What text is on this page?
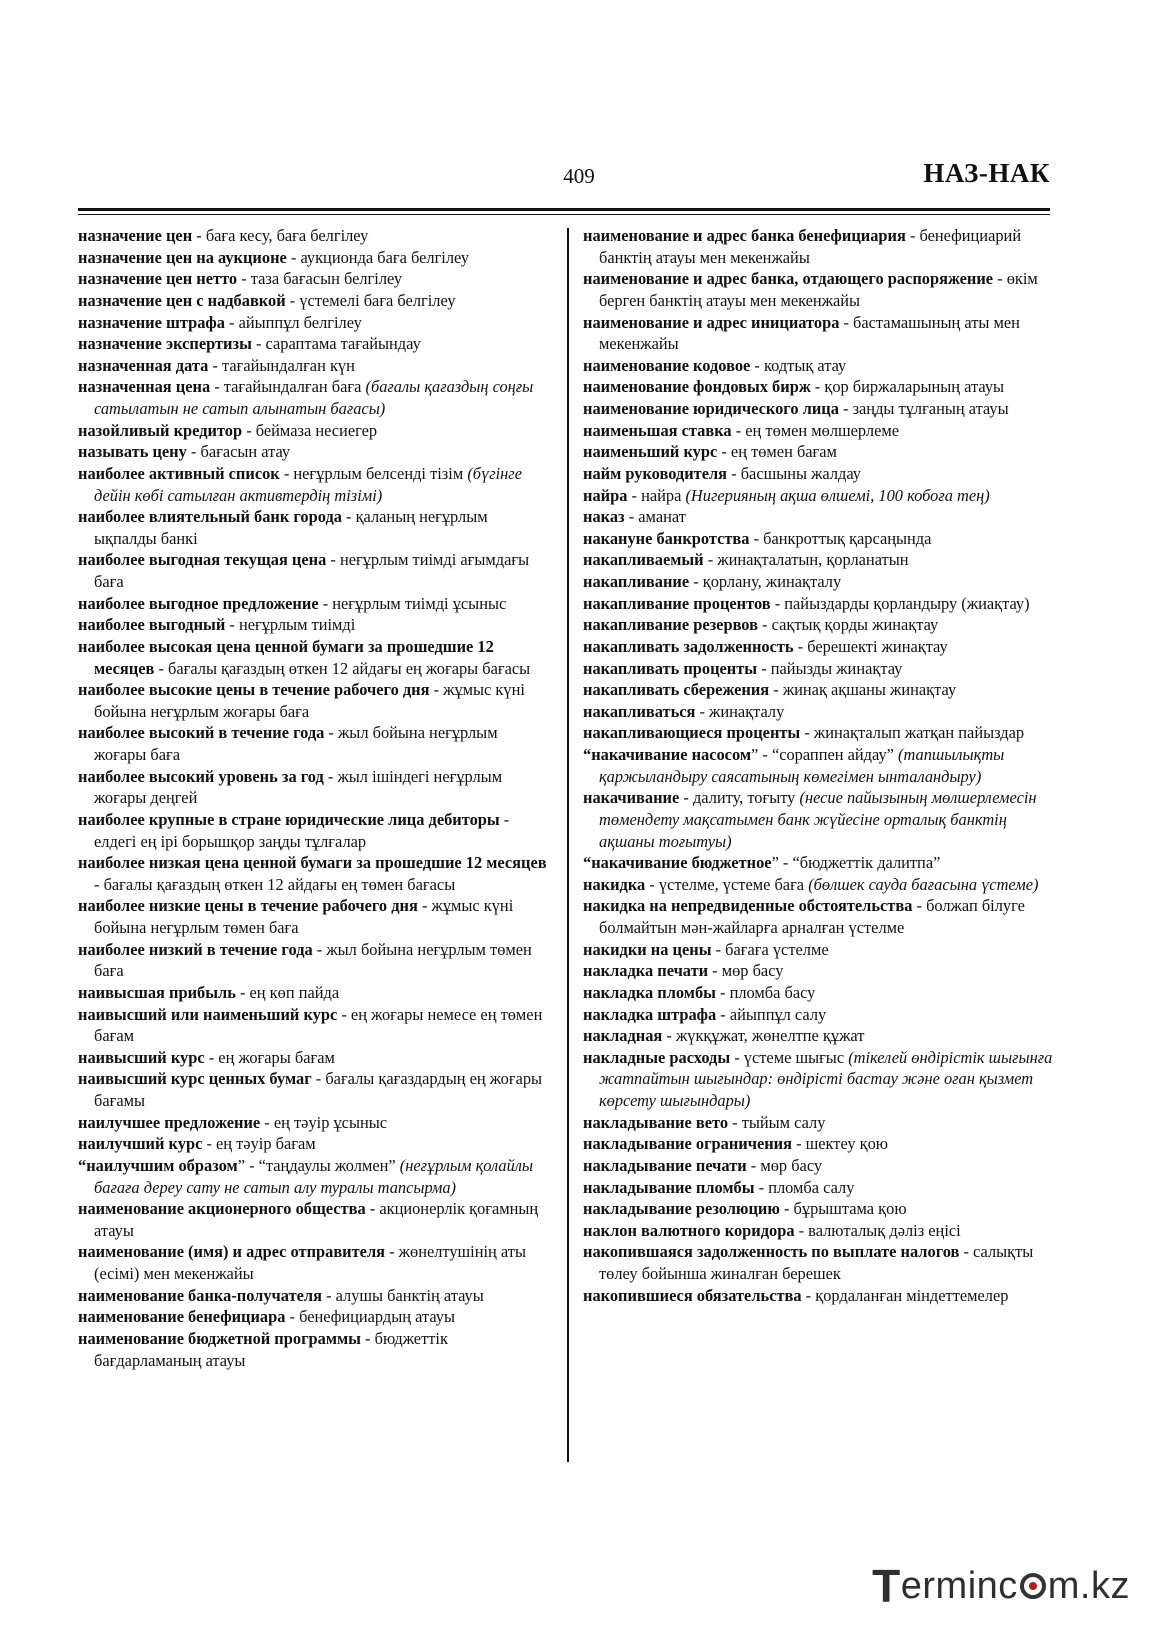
409	НАЗ-НАК

назначение цен - баға кесу, баға белгілеу

назначение цен на аукционе - аукционда баға белгілеу

назначение цен нетто - таза бағасын белгілеу

назначение цен с надбавкой - үстемелі баға белгілеу

назначение штрафа - айыппұл белгілеу

назначение экспертизы - сараптама тағайындау

назначенная дата - тағайындалған күн

назначенная цена - тағайындалған баға (бағалы қағаздың соңғы сатылатын не сатып алынатын бағасы)

назойливый кредитор - беймаза несиегер

называть цену - бағасын атау

наиболее активный список - неғұрлым белсенді тізім (бүгінге дейін көбі сатылған активтердің тізімі)

наиболее влиятельный банк города - қаланың неғұрлым ықпалды банкі

наиболее выгодная текущая цена - неғұрлым тиімді ағымдағы баға

наиболее выгодное предложение - неғұрлым тиімді ұсыныс

наиболее выгодный - неғұрлым тиімді

наиболее высокая цена ценной бумаги за прошедшие 12 месяцев - бағалы қағаздың өткен 12 айдағы ең жоғары бағасы

наиболее высокие цены в течение рабочего дня - жұмыс күні бойына неғұрлым жоғары баға

наиболее высокий в течение года - жыл бойына неғұрлым жоғары баға

наиболее высокий уровень за год - жыл ішіндегі неғұрлым жоғары деңгей

наиболее крупные в стране юридические лица дебиторы - елдегі ең ірі борышқор заңды тұлғалар

наиболее низкая цена ценной бумаги за прошедшие 12 месяцев - бағалы қағаздың өткен 12 айдағы ең төмен бағасы

наиболее низкие цены в течение рабочего дня - жұмыс күні бойына неғұрлым төмен баға

наиболее низкий в течение года - жыл бойына неғұрлым төмен баға

наивысшая прибыль - ең көп пайда

наивысший или наименьший курс - ең жоғары немесе ең төмен бағам

наивысший курс - ең жоғары бағам

наивысший курс ценных бумаг - бағалы қағаздардың ең жоғары бағамы

наилучшее предложение - ең тәуір ұсыныс

наилучший курс - ең тәуір бағам

“наилучшим образом” - “таңдаулы жолмен” (неғұрлым қолайлы бағаға дереу сату не сатып алу туралы тапсырма)

наименование акционерного общества - акционерлік қоғамның атауы

наименование (имя) и адрес отправителя - жөнелтушінің аты (есімі) мен мекенжайы

наименование банка-получателя - алушы банктің атауы

наименование бенефициара - бенефициардың атауы

наименование бюджетной программы - бюджеттік бағдарламаның атауы

наименование и адрес банка бенефициария - бенефициарий банктің атауы мен мекенжайы

наименование и адрес банка, отдающего распоряжение - өкім берген банктің атауы мен мекенжайы

наименование и адрес инициатора - бастамашының аты мен мекенжайы

наименование кодовое - кодтық атау

наименование фондовых бирж - қор биржаларының атауы

наименование юридического лица - заңды тұлғаның атауы

наименьшая ставка - ең төмен мөлшерлеме

наименьший курс - ең төмен бағам

найм руководителя - басшыны жалдау

найра - найра (Нигерияның ақша өлшемі, 100 кобоға тең)

наказ - аманат

накануне банкротства - банкроттық қарсаңында

накапливаемый - жинақталатын, қорланатын

накапливание - қорлану, жинақталу

накапливание процентов - пайыздарды қорландыру (жиақтау)

накапливание резервов - сақтық қорды жинақтау

накапливать задолженность - берешекті жинақтау

накапливать проценты - пайызды жинақтау

накапливать сбережения - жинақ ақшаны жинақтау

накапливаться - жинақталу

накапливающиеся проценты - жинақталып жатқан пайыздар

“накачивание насосом” - “сораппен айдау” (тапшылықты қаржыландыру саясатының көмегімен ынталандыру)

накачивание - далиту, тоғыту (несие пайызының мөлшерлемесін төмендету мақсатымен банк жүйесіне орталық банктің ақшаны тоғытуы)

“накачивание бюджетное” - “бюджеттік далитпа”

накидка - үстелме, үстеме баға (бөлшек сауда бағасына үстеме)

накидка на непредвиденные обстоятельства - болжап білуге болмайтын мән-жайларға арналған үстелме

накидки на цены - бағаға үстелме

накладка печати - мөр басу

накладка пломбы - пломба басу

накладка штрафа - айыппұл салу

накладная - жүкқұжат, жөнелтпе құжат

накладные расходы - үстеме шығыс (тікелей өндірістік шығынға жатпайтын шығындар: өндірісті бастау және оған қызмет көрсету шығындары)

накладывание вето - тыйым салу

накладывание ограничения - шектеу қою

накладывание печати - мөр басу

накладывание пломбы - пломба салу

накладывание резолюцию - бұрыштама қою

наклон валютного коридора - валюталық дәліз еңісі

накопившаяся задолженность по выплате налогов - салықты төлеу бойынша жиналған берешек

накопившиеся обязательства - қордаланған міндеттемелер

T erminc m.kz
